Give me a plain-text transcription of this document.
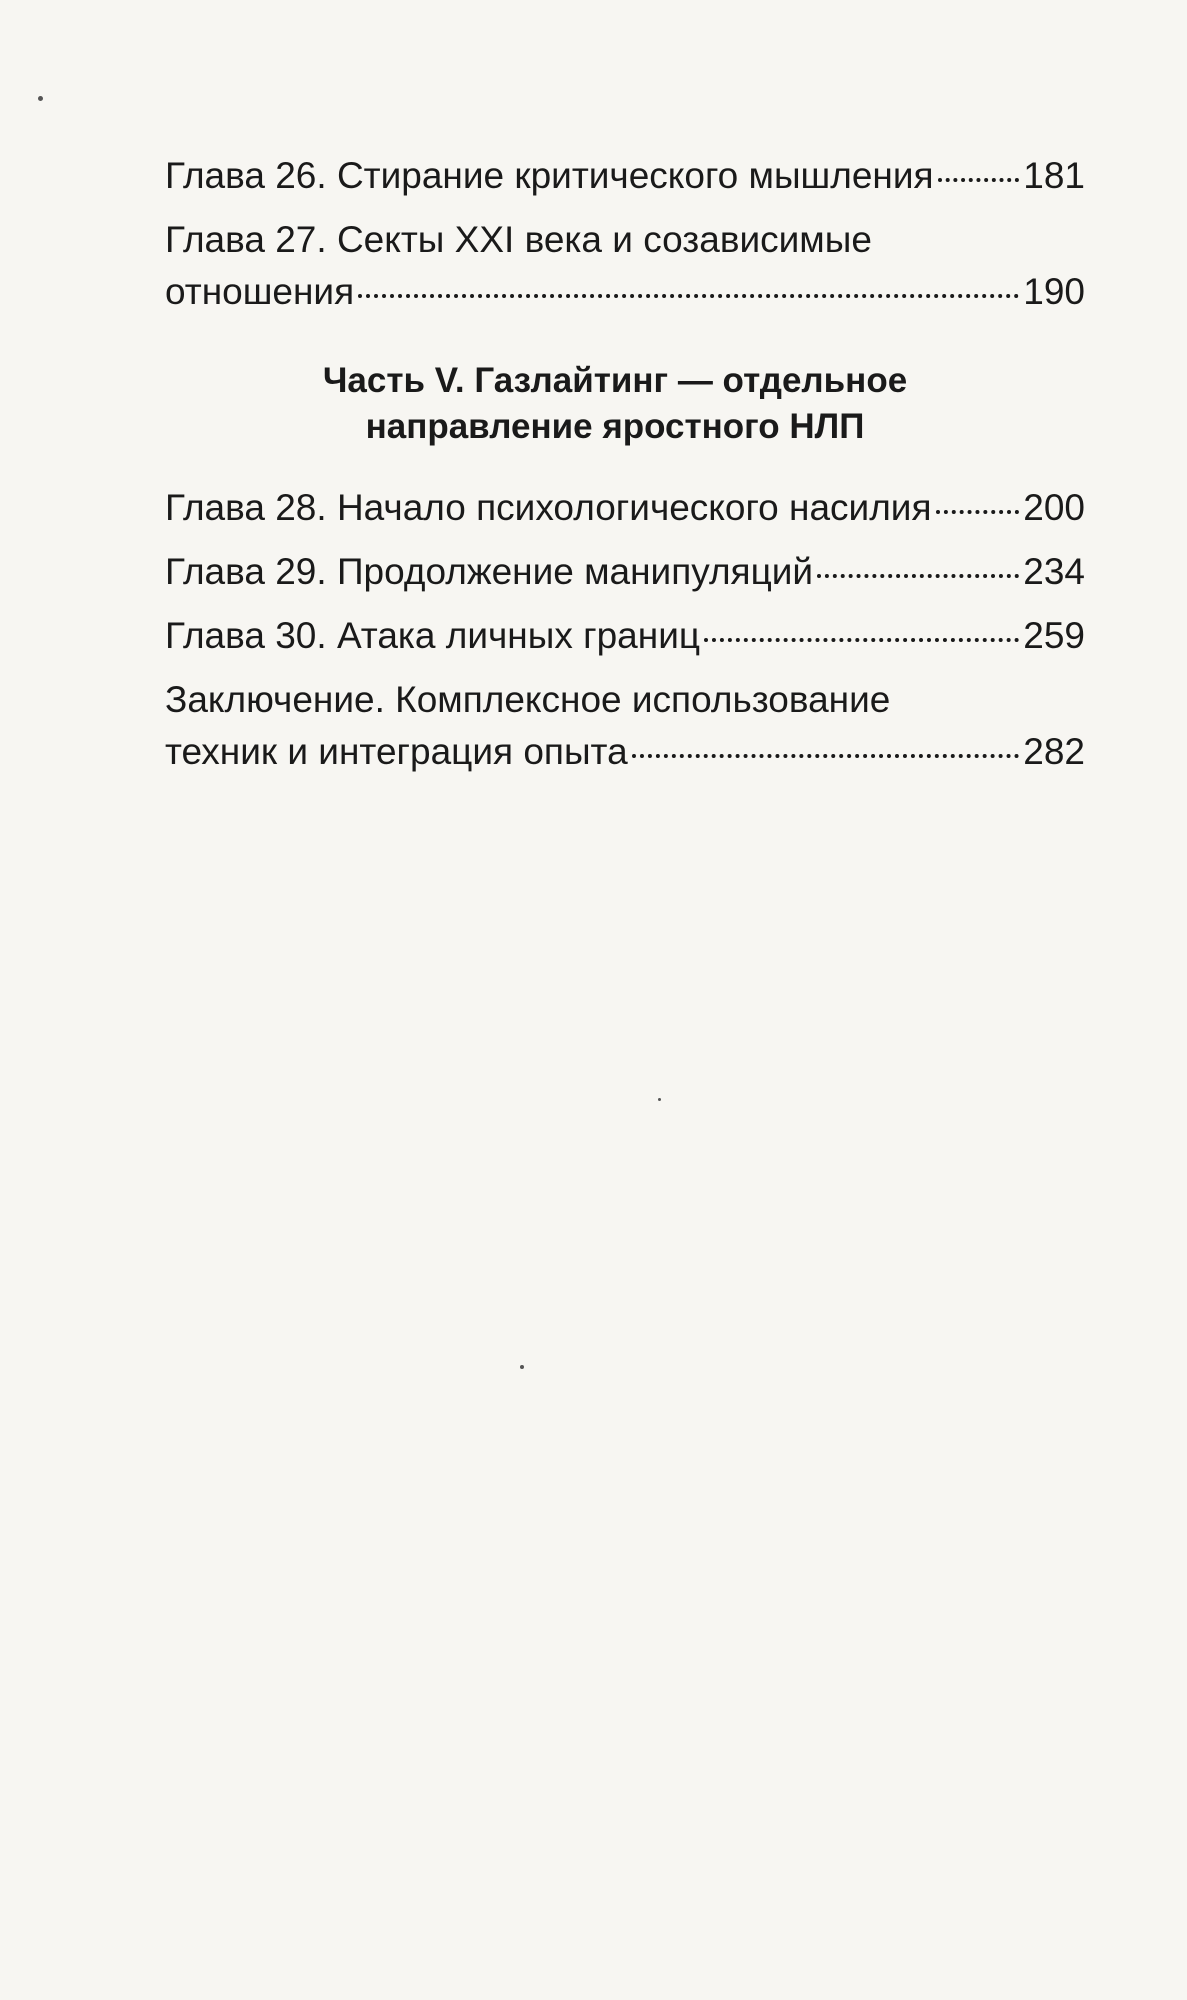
Глава 26. Стирание критического мышления 181
Глава 27. Секты XXI века и созависимые
отношения	190
Часть V. Газлайтинг — отдельное
направление яростного НЛП
Глава 28. Начало психологического насилия 200
Глава 29. Продолжение манипуляций	234
Глава 30. Атака личных границ	259
Заключение. Комплексное использование
техник и интеграция опыта	282
